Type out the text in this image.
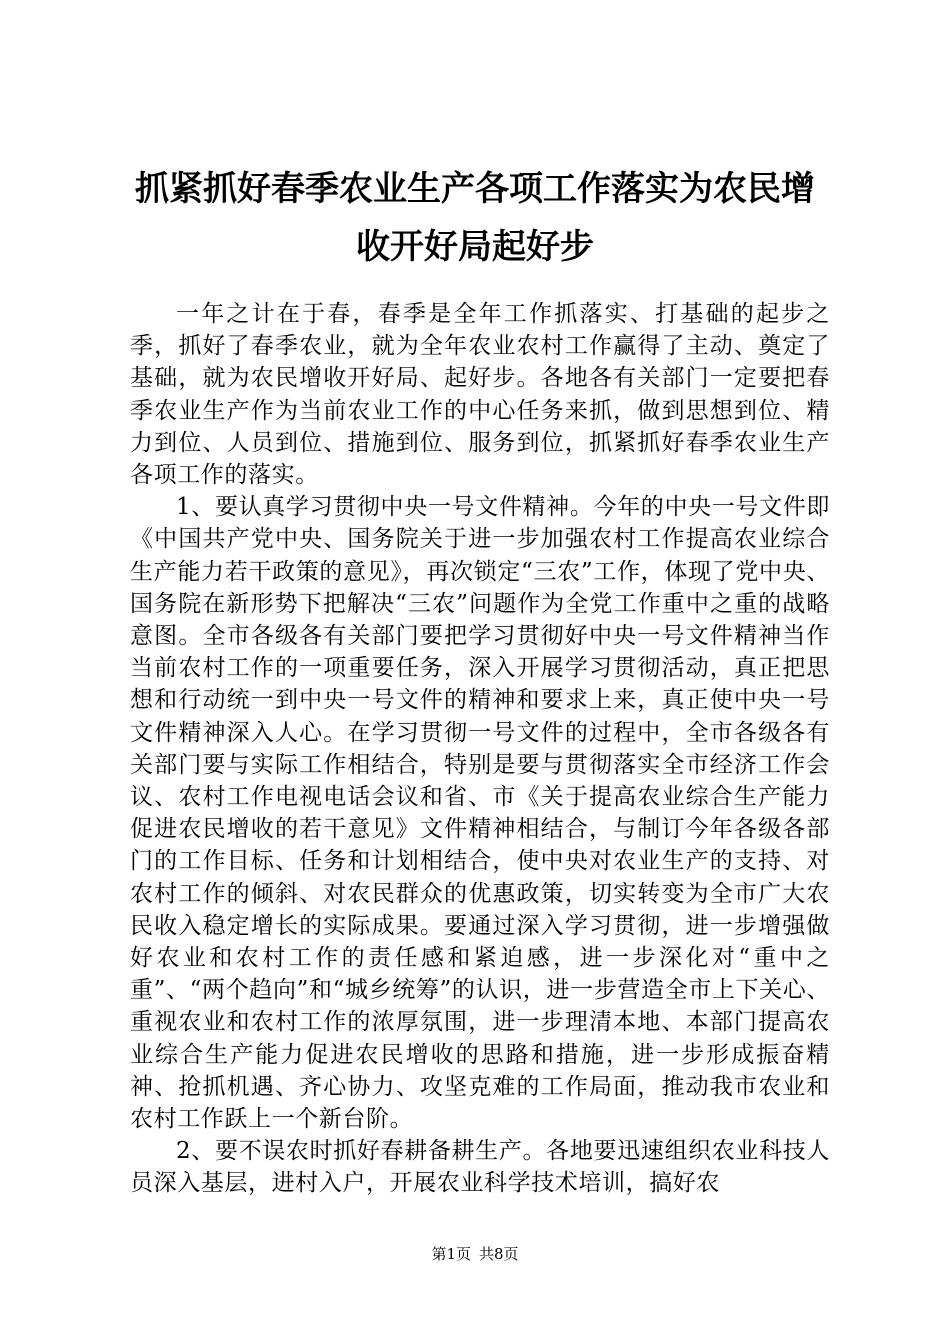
抓紧抓好春季农业生产各项工作落实为农民增
收开好局起好步

一年之计在于春，春季是全年工作抓落实、打基础的起步之季，抓好了春季农业，就为全年农业农村工作赢得了主动、奠定了基础，就为农民增收开好局、起好步。各地各有关部门一定要把春季农业生产作为当前农业工作的中心任务来抓，做到思想到位、精力到位、人员到位、措施到位、服务到位，抓紧抓好春季农业生产各项工作的落实。

1、要认真学习贯彻中央一号文件精神。今年的中央一号文件即《中国共产党中央、国务院关于进一步加强农村工作提高农业综合生产能力若干政策的意见》，再次锁定“三农”工作，体现了党中央、国务院在新形势下把解决“三农”问题作为全党工作重中之重的战略意图。全市各级各有关部门要把学习贯彻好中央一号文件精神当作当前农村工作的一项重要任务，深入开展学习贯彻活动，真正把思想和行动统一到中央一号文件的精神和要求上来，真正使中央一号文件精神深入人心。在学习贯彻一号文件的过程中，全市各级各有关部门要与实际工作相结合，特别是要与贯彻落实全市经济工作会议、农村工作电视电话会议和省、市《关于提高农业综合生产能力促进农民增收的若干意见》文件精神相结合，与制订今年各级各部门的工作目标、任务和计划相结合，使中央对农业生产的支持、对农村工作的倾斜、对农民群众的优惠政策，切实转变为全市广大农民收入稳定增长的实际成果。要通过深入学习贯彻，进一步增强做好农业和农村工作的责任感和紧迫感，进一步深化对“重中之重”、“两个趋向”和“城乡统筹”的认识，进一步营造全市上下关心、重视农业和农村工作的浓厚氛围，进一步理清本地、本部门提高农业综合生产能力促进农民增收的思路和措施，进一步形成振奋精神、抢抓机遇、齐心协力、攻坚克难的工作局面，推动我市农业和农村工作跃上一个新台阶。

2、要不误农时抓好春耕备耕生产。各地要迅速组织农业科技人员深入基层，进村入户，开展农业科学技术培训，搞好农

第1页 共8页
